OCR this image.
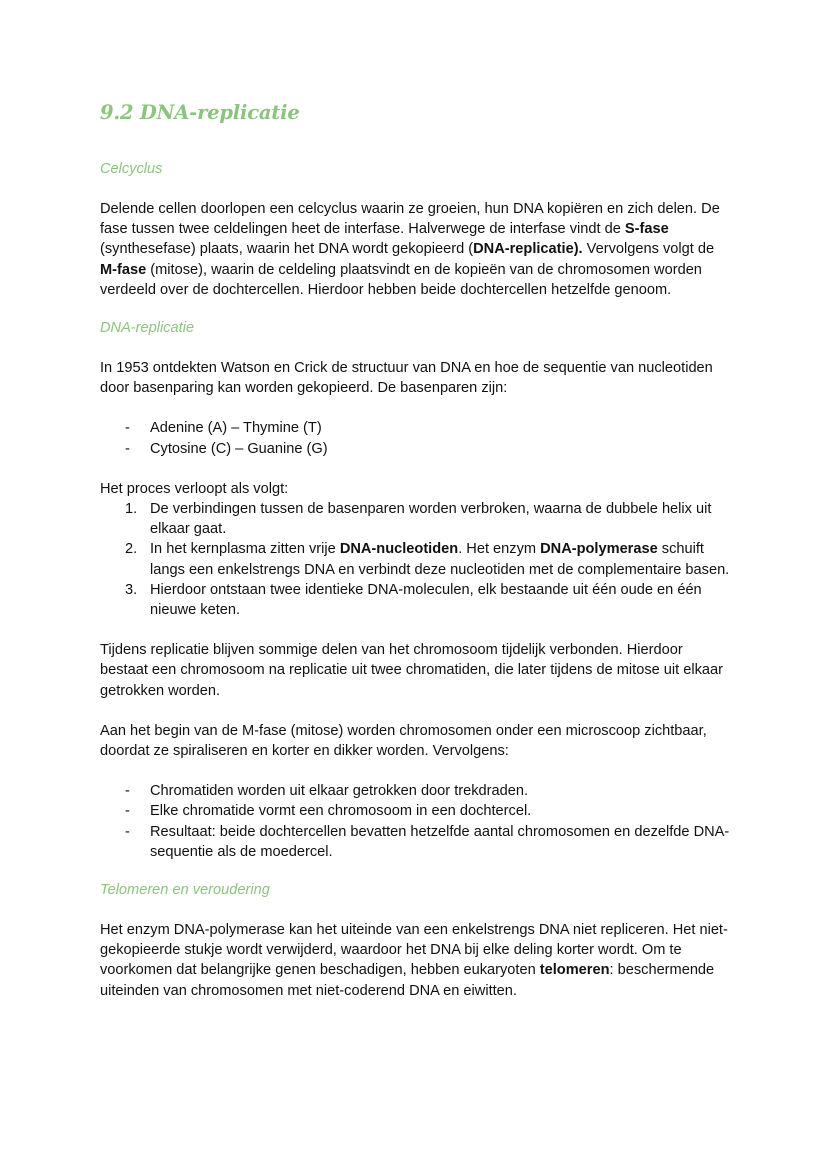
9.2 DNA-replicatie
Celcyclus

Delende cellen doorlopen een celcyclus waarin ze groeien, hun DNA kopiëren en zich delen. De fase tussen twee celdelingen heet de interfase. Halverwege de interfase vindt de S-fase (synthesefase) plaats, waarin het DNA wordt gekopieerd (DNA-replicatie). Vervolgens volgt de M-fase (mitose), waarin de celdeling plaatsvindt en de kopieën van de chromosomen worden verdeeld over de dochtercellen. Hierdoor hebben beide dochtercellen hetzelfde genoom.

DNA-replicatie

In 1953 ontdekten Watson en Crick de structuur van DNA en hoe de sequentie van nucleotiden door basenparing kan worden gekopieerd. De basenparen zijn:

- Adenine (A) – Thymine (T)
- Cytosine (C) – Guanine (G)

Het proces verloopt als volgt:

1. De verbindingen tussen de basenparen worden verbroken, waarna de dubbele helix uit elkaar gaat.
2. In het kernplasma zitten vrije DNA-nucleotiden. Het enzym DNA-polymerase schuift langs een enkelstrengs DNA en verbindt deze nucleotiden met de complementaire basen.
3. Hierdoor ontstaan twee identieke DNA-moleculen, elk bestaande uit één oude en één nieuwe keten.

Tijdens replicatie blijven sommige delen van het chromosoom tijdelijk verbonden. Hierdoor bestaat een chromosoom na replicatie uit twee chromatiden, die later tijdens de mitose uit elkaar getrokken worden.

Aan het begin van de M-fase (mitose) worden chromosomen onder een microscoop zichtbaar, doordat ze spiraliseren en korter en dikker worden. Vervolgens:

- Chromatiden worden uit elkaar getrokken door trekdraden.
- Elke chromatide vormt een chromosoom in een dochtercel.
- Resultaat: beide dochtercellen bevatten hetzelfde aantal chromosomen en dezelfde DNA-sequentie als de moedercel.
Telomeren en veroudering

Het enzym DNA-polymerase kan het uiteinde van een enkelstrengs DNA niet repliceren. Het niet-gekopieerde stukje wordt verwijderd, waardoor het DNA bij elke deling korter wordt. Om te voorkomen dat belangrijke genen beschadigen, hebben eukaryoten telomeren: beschermende uiteinden van chromosomen met niet-coderend DNA en eiwitten.
